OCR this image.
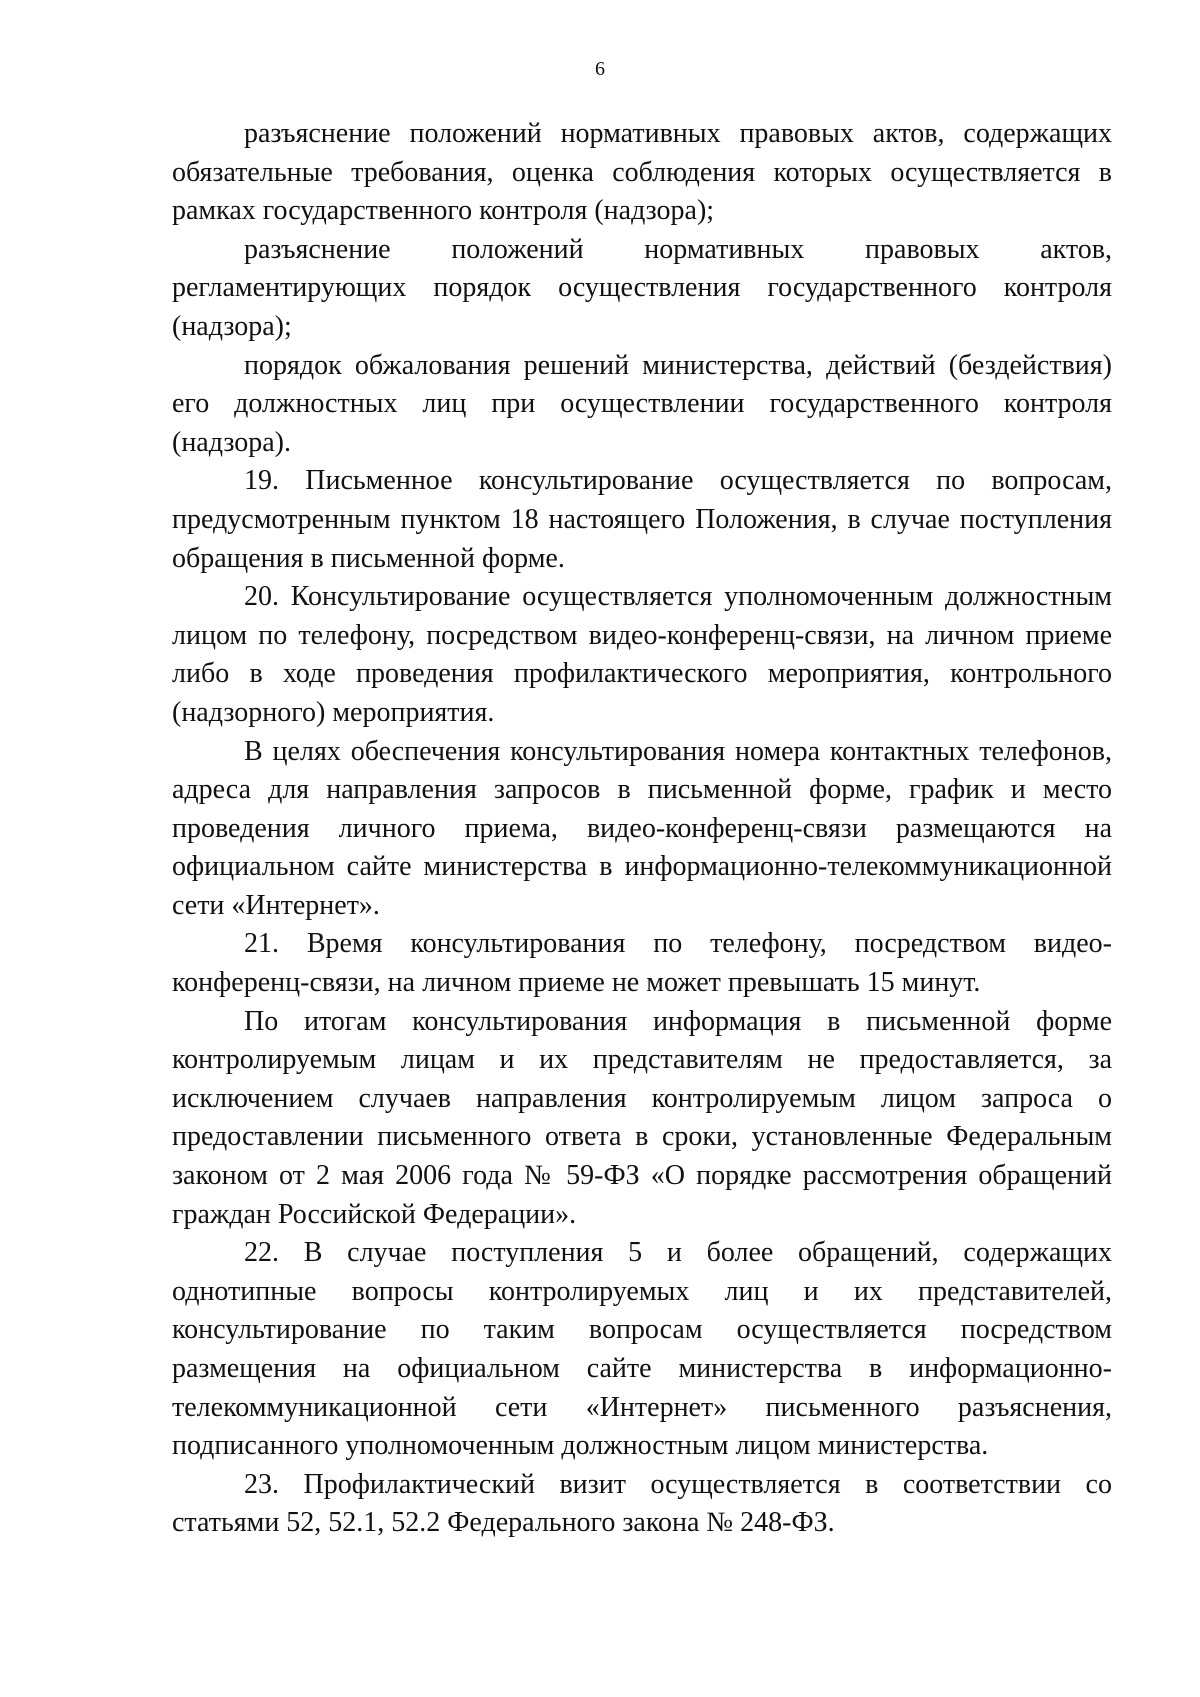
6

разъяснение положений нормативных правовых актов, содержащих обязательные требования, оценка соблюдения которых осуществляется в рамках государственного контроля (надзора);

разъяснение положений нормативных правовых актов, регламентирующих порядок осуществления государственного контроля (надзора);

порядок обжалования решений министерства, действий (бездействия) его должностных лиц при осуществлении государственного контроля (надзора).

19. Письменное консультирование осуществляется по вопросам, предусмотренным пунктом 18 настоящего Положения, в случае поступления обращения в письменной форме.

20. Консультирование осуществляется уполномоченным должностным лицом по телефону, посредством видео-конференц-связи, на личном приеме либо в ходе проведения профилактического мероприятия, контрольного (надзорного) мероприятия.

В целях обеспечения консультирования номера контактных телефонов, адреса для направления запросов в письменной форме, график и место проведения личного приема, видео-конференц-связи размещаются на официальном сайте министерства в информационно-телекоммуникационной сети «Интернет».

21. Время консультирования по телефону, посредством видео-конференц-связи, на личном приеме не может превышать 15 минут.

По итогам консультирования информация в письменной форме контролируемым лицам и их представителям не предоставляется, за исключением случаев направления контролируемым лицом запроса о предоставлении письменного ответа в сроки, установленные Федеральным законом от 2 мая 2006 года № 59-ФЗ «О порядке рассмотрения обращений граждан Российской Федерации».

22. В случае поступления 5 и более обращений, содержащих однотипные вопросы контролируемых лиц и их представителей, консультирование по таким вопросам осуществляется посредством размещения на официальном сайте министерства в информационно-телекоммуникационной сети «Интернет» письменного разъяснения, подписанного уполномоченным должностным лицом министерства.

23. Профилактический визит осуществляется в соответствии со статьями 52, 52.1, 52.2 Федерального закона № 248-ФЗ.
